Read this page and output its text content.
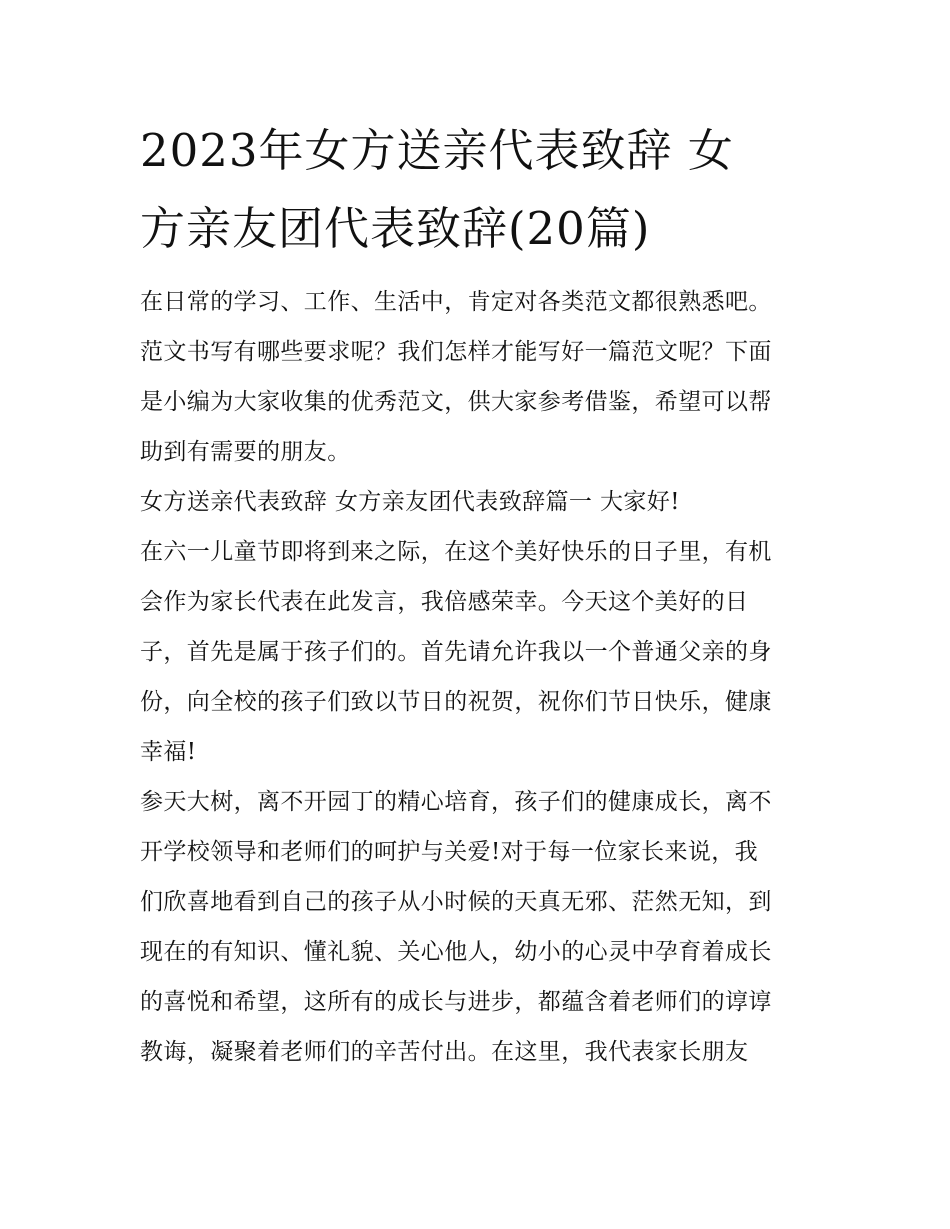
2023年女方送亲代表致辞 女
方亲友团代表致辞(20篇)
在日常的学习、工作、生活中，肯定对各类范文都很熟悉吧。
范文书写有哪些要求呢？我们怎样才能写好一篇范文呢？下面
是小编为大家收集的优秀范文，供大家参考借鉴，希望可以帮
助到有需要的朋友。
女方送亲代表致辞 女方亲友团代表致辞篇一 大家好!
在六一儿童节即将到来之际，在这个美好快乐的日子里，有机
会作为家长代表在此发言，我倍感荣幸。今天这个美好的日
子，首先是属于孩子们的。首先请允许我以一个普通父亲的身
份，向全校的孩子们致以节日的祝贺，祝你们节日快乐，健康
幸福!
参天大树，离不开园丁的精心培育，孩子们的健康成长，离不
开学校领导和老师们的呵护与关爱!对于每一位家长来说，我
们欣喜地看到自己的孩子从小时候的天真无邪、茫然无知，到
现在的有知识、懂礼貌、关心他人，幼小的心灵中孕育着成长
的喜悦和希望，这所有的成长与进步，都蕴含着老师们的谆谆
教诲，凝聚着老师们的辛苦付出。在这里，我代表家长朋友
